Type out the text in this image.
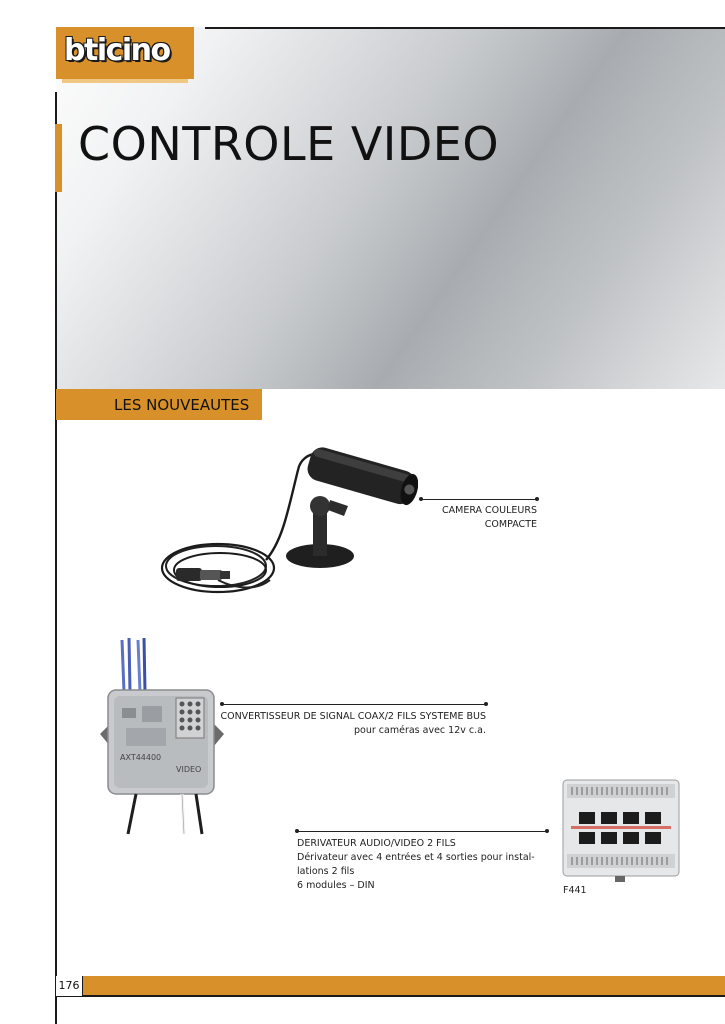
bticino
CONTROLE VIDEO
LES NOUVEAUTES
CAMERA COULEURS
COMPACTE
AXT44400
VIDEO
CONVERTISSEUR DE SIGNAL COAX/2 FILS SYSTEME BUS
pour caméras avec 12v c.a.
DERIVATEUR AUDIO/VIDEO 2 FILS
Dérivateur avec 4 entrées et 4 sorties pour instal-
lations 2 fils
6 modules – DIN	F441
176
